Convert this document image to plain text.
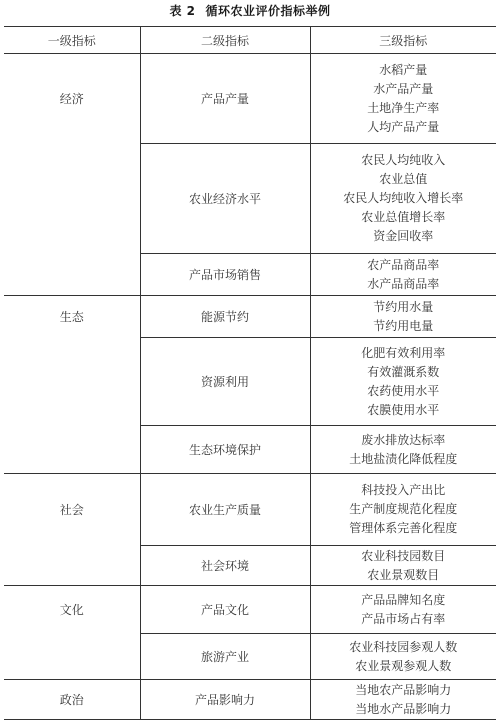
表 2 循环农业评价指标举例
一级指标	二级指标	三级指标
经济	产品产量	水稻产量
水产品产量
土地净生产率
人均产品产量

	农业经济水平	农民人均纯收入
农业总值
农民人均纯收入增长率
农业总值增长率
资金回收率

	产品市场销售	农产品商品率
水产品商品率

生态	能源节约	节约用水量
节约用电量

	资源利用	化肥有效利用率
有效灌溉系数
农药使用水平
农膜使用水平

	生态环境保护	废水排放达标率
土地盐渍化降低程度

社会	农业生产质量	科技投入产出比
生产制度规范化程度
管理体系完善化程度

	社会环境	农业科技园数目
农业景观数目

文化	产品文化	产品品牌知名度
产品市场占有率

	旅游产业	农业科技园参观人数
农业景观参观人数

政治	产品影响力	当地农产品影响力
当地水产品影响力
